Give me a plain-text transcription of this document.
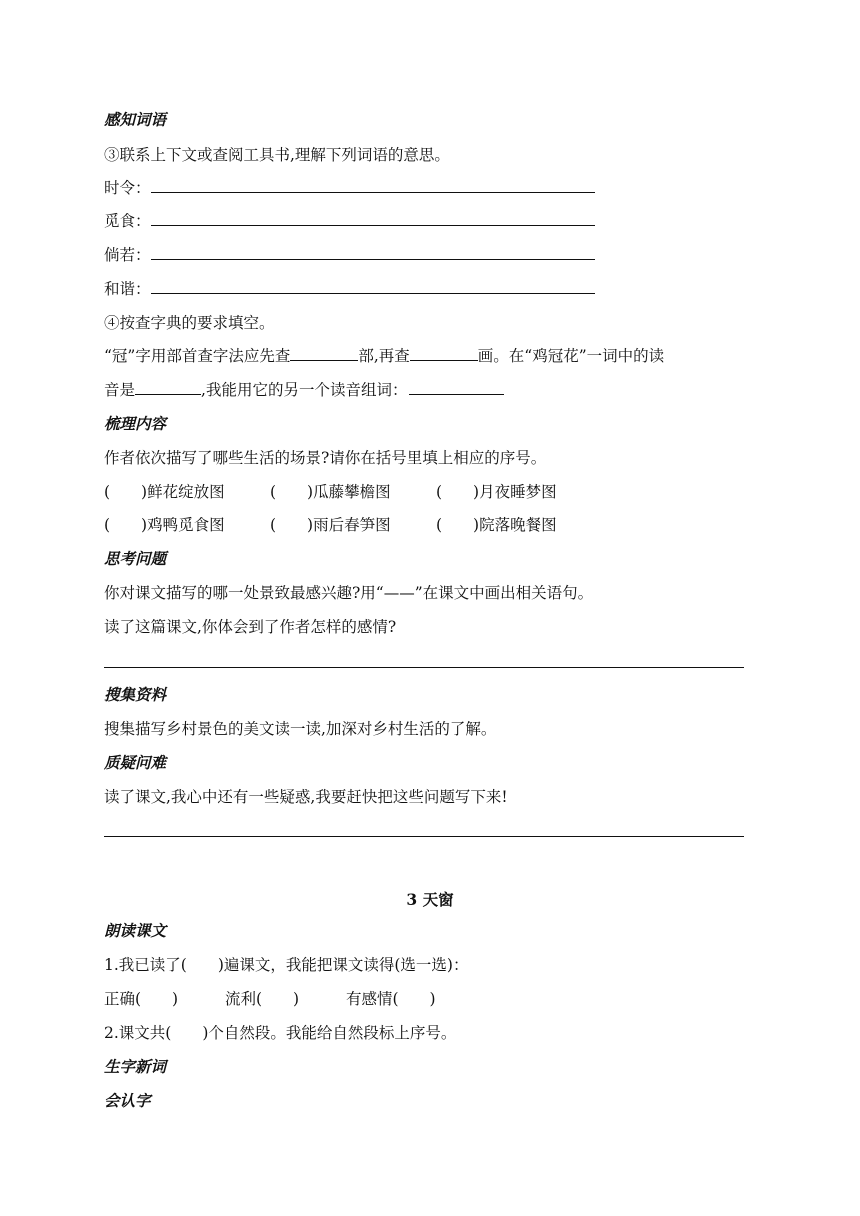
感知词语
③联系上下文或查阅工具书,理解下列词语的意思。
时令：
觅食：
倘若：
和谐：
④按查字典的要求填空。
“冠”字用部首查字法应先查	部,再查	画。在“鸡冠花”一词中的读
音是	,我能用它的另一个读音组词：
梳理内容
作者依次描写了哪些生活的场景?请你在括号里填上相应的序号。
(　　)鲜花绽放图	(　　)瓜藤攀檐图	(　　)月夜睡梦图
(　　)鸡鸭觅食图	(　　)雨后春笋图	(　　)院落晚餐图
思考问题
你对课文描写的哪一处景致最感兴趣?用“——”在课文中画出相关语句。
读了这篇课文,你体会到了作者怎样的感情?
搜集资料
搜集描写乡村景色的美文读一读,加深对乡村生活的了解。
质疑问难
读了课文,我心中还有一些疑惑,我要赶快把这些问题写下来!
3 天窗
朗读课文
1.我已读了(　　)遍课文，我能把课文读得(选一选)：
正确(　　)	流利(　　)	有感情(　　)
2.课文共(　　)个自然段。我能给自然段标上序号。
生字新词
会认字
